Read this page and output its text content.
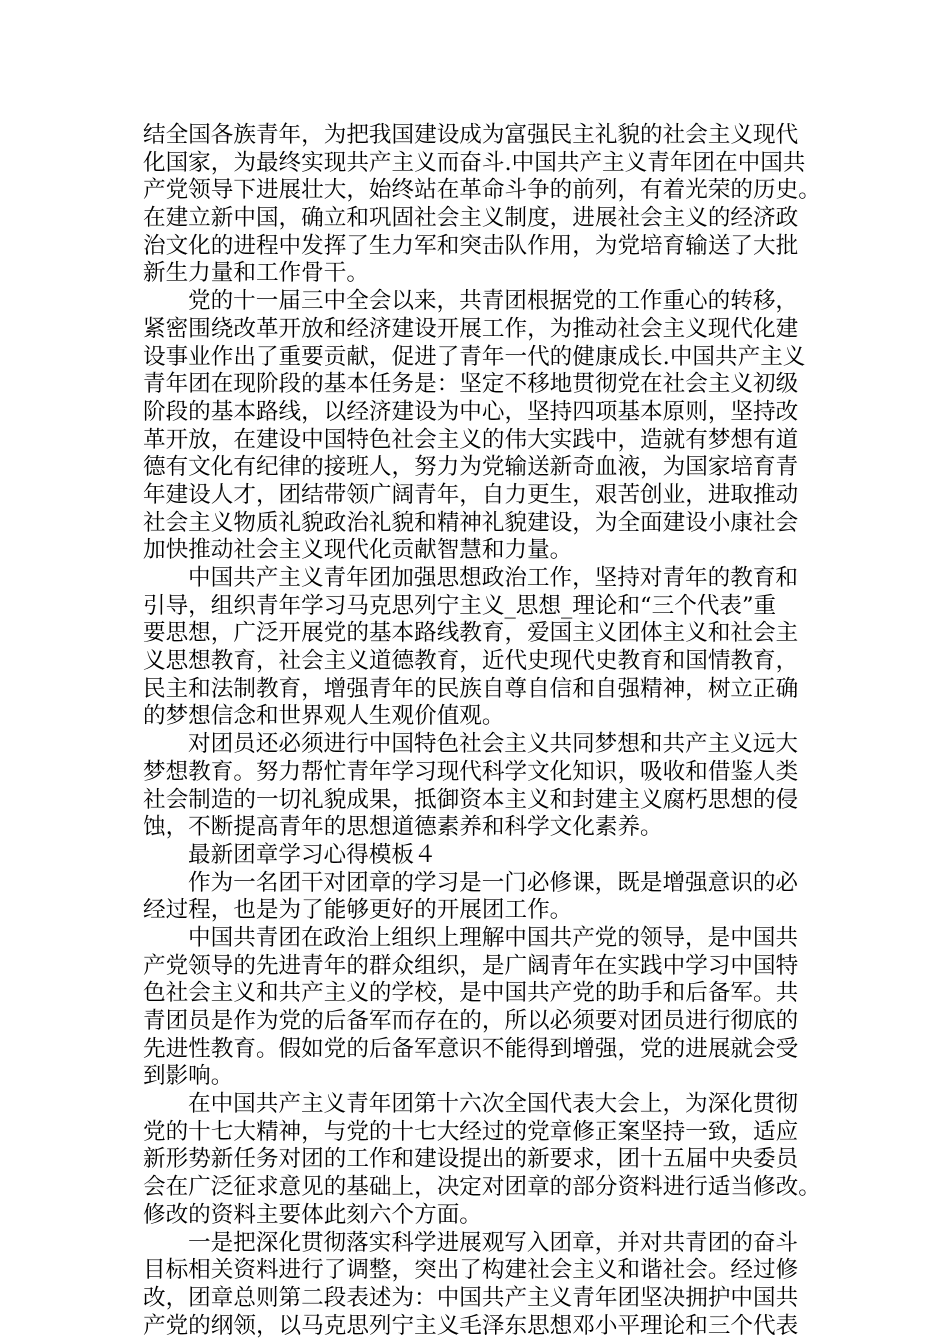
结全国各族青年，为把我国建设成为富强民主礼貌的社会主义现代
化国家，为最终实现共产主义而奋斗.中国共产主义青年团在中国共
产党领导下进展壮大，始终站在革命斗争的前列，有着光荣的历史。
在建立新中国，确立和巩固社会主义制度，进展社会主义的经济政
治文化的进程中发挥了生力军和突击队作用，为党培育输送了大批
新生力量和工作骨干。
党的十一届三中全会以来，共青团根据党的工作重心的转移，
紧密围绕改革开放和经济建设开展工作，为推动社会主义现代化建
设事业作出了重要贡献，促进了青年一代的健康成长.中国共产主义
青年团在现阶段的基本任务是：坚定不移地贯彻党在社会主义初级
阶段的基本路线，以经济建设为中心，坚持四项基本原则，坚持改
革开放，在建设中国特色社会主义的伟大实践中，造就有梦想有道
德有文化有纪律的接班人，努力为党输送新奇血液，为国家培育青
年建设人才，团结带领广阔青年，自力更生，艰苦创业，进取推动
社会主义物质礼貌政治礼貌和精神礼貌建设，为全面建设小康社会
加快推动社会主义现代化贡献智慧和力量。
中国共产主义青年团加强思想政治工作，坚持对青年的教育和
引导，组织青年学习马克思列宁主义_思想_理论和“三个代表”重
要思想，广泛开展党的基本路线教育，爱国主义团体主义和社会主
义思想教育，社会主义道德教育，近代史现代史教育和国情教育，
民主和法制教育，增强青年的民族自尊自信和自强精神，树立正确
的梦想信念和世界观人生观价值观。
对团员还必须进行中国特色社会主义共同梦想和共产主义远大
梦想教育。努力帮忙青年学习现代科学文化知识，吸收和借鉴人类
社会制造的一切礼貌成果，抵御资本主义和封建主义腐朽思想的侵
蚀，不断提高青年的思想道德素养和科学文化素养。
最新团章学习心得模板４
作为一名团干对团章的学习是一门必修课，既是增强意识的必
经过程，也是为了能够更好的开展团工作。
中国共青团在政治上组织上理解中国共产党的领导，是中国共
产党领导的先进青年的群众组织，是广阔青年在实践中学习中国特
色社会主义和共产主义的学校，是中国共产党的助手和后备军。共
青团员是作为党的后备军而存在的，所以必须要对团员进行彻底的
先进性教育。假如党的后备军意识不能得到增强，党的进展就会受
到影响。
在中国共产主义青年团第十六次全国代表大会上，为深化贯彻
党的十七大精神，与党的十七大经过的党章修正案坚持一致，适应
新形势新任务对团的工作和建设提出的新要求，团十五届中央委员
会在广泛征求意见的基础上，决定对团章的部分资料进行适当修改。
修改的资料主要体此刻六个方面。
一是把深化贯彻落实科学进展观写入团章，并对共青团的奋斗
目标相关资料进行了调整，突出了构建社会主义和谐社会。经过修
改，团章总则第二段表述为：中国共产主义青年团坚决拥护中国共
产党的纲领，以马克思列宁主义毛泽东思想邓小平理论和三个代表
